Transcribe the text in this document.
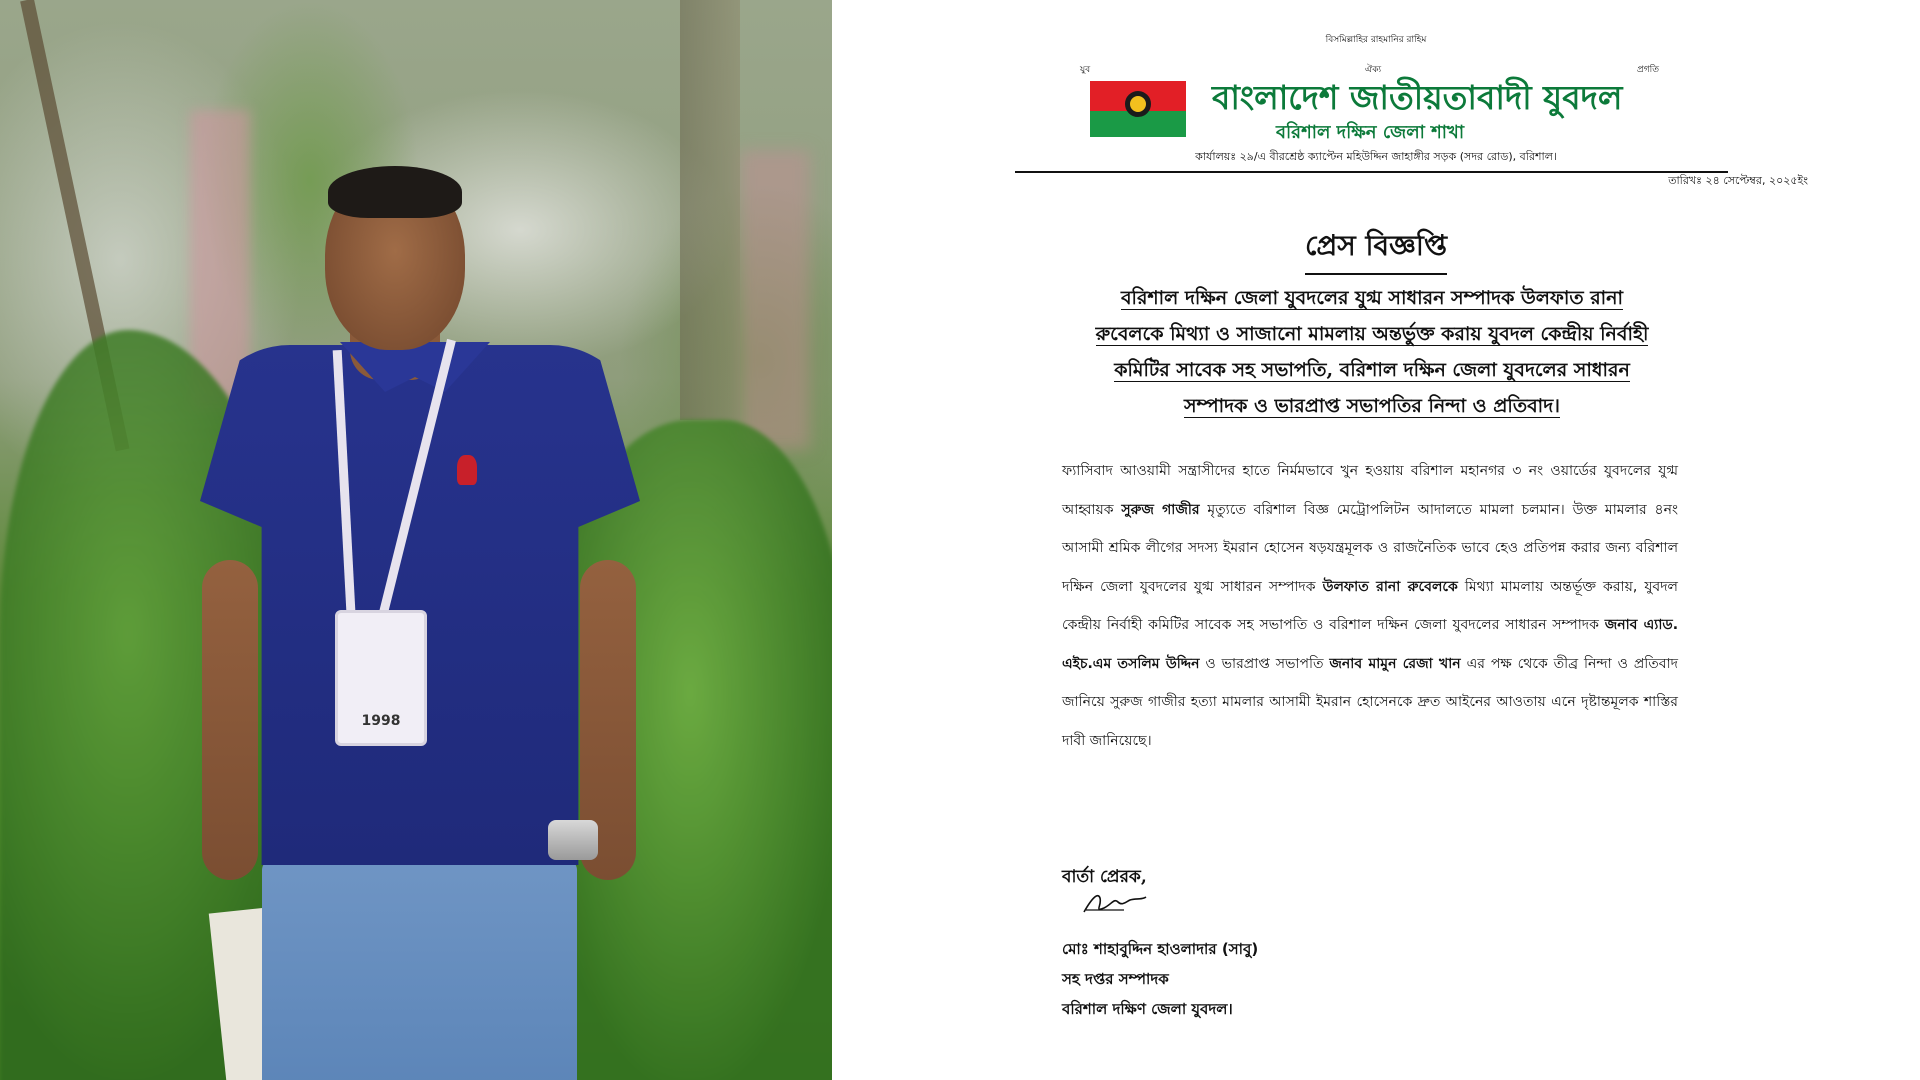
1998
বিসমিল্লাহির রাহমানির রাহিম
যুব	ঐক্য	প্রগতি
বাংলাদেশ জাতীয়তাবাদী যুবদল
বরিশাল দক্ষিন জেলা শাখা
কার্যালয়ঃ ২৯/এ বীরশ্রেষ্ঠ ক্যাপ্টেন মহিউদ্দিন জাহাঙ্গীর সড়ক (সদর রোড), বরিশাল।
তারিখঃ ২৪ সেপ্টেম্বর, ২০২৫ইং
প্রেস বিজ্ঞপ্তি
বরিশাল দক্ষিন জেলা যুবদলের যুগ্ম সাধারন সম্পাদক উলফাত রানা
রুবেলকে মিথ্যা ও সাজানো মামলায় অন্তর্ভুক্ত করায় যুবদল কেন্দ্রীয় নির্বাহী
কমিটির সাবেক সহ সভাপতি, বরিশাল দক্ষিন জেলা যুবদলের সাধারন
সম্পাদক ও ভারপ্রাপ্ত সভাপতির নিন্দা ও প্রতিবাদ।
ফ্যাসিবাদ আওয়ামী সন্ত্রাসীদের হাতে নির্মমভাবে খুন হওয়ায় বরিশাল মহানগর ৩ নং ওয়ার্ডের যুবদলের যুগ্ম আহ্বায়ক সুরুজ গাজীর মৃত্যুতে বরিশাল বিজ্ঞ মেট্রোপলিটন আদালতে মামলা চলমান। উক্ত মামলার ৪নং আসামী শ্রমিক লীগের সদস্য ইমরান হোসেন ষড়যন্ত্রমূলক ও রাজনৈতিক ভাবে হেও প্রতিপন্ন করার জন্য বরিশাল দক্ষিন জেলা যুবদলের যুগ্ম সাধারন সম্পাদক উলফাত রানা রুবেলকে মিথ্যা মামলায় অন্তর্ভূক্ত করায়, যুবদল কেন্দ্রীয় নির্বাহী কমিটির সাবেক সহ সভাপতি ও বরিশাল দক্ষিন জেলা যুবদলের সাধারন সম্পাদক জনাব এ্যাড. এইচ.এম তসলিম উদ্দিন ও ভারপ্রাপ্ত সভাপতি জনাব মামুন রেজা খান এর পক্ষ থেকে তীব্র নিন্দা ও প্রতিবাদ জানিয়ে সুরুজ গাজীর হত্যা মামলার আসামী ইমরান হোসেনকে দ্রুত আইনের আওতায় এনে দৃষ্টান্তমূলক শাস্তির দাবী জানিয়েছে।
বার্তা প্রেরক,
মোঃ শাহাবুদ্দিন হাওলাদার (সাবু)
সহ দপ্তর সম্পাদক
বরিশাল দক্ষিণ জেলা যুবদল।
